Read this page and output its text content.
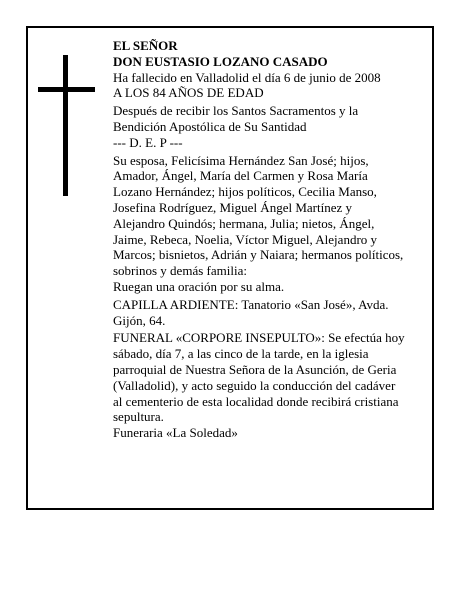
EL SEÑOR
DON EUSTASIO LOZANO CASADO
Ha fallecido en Valladolid el día 6 de junio de 2008
A LOS 84 AÑOS DE EDAD
Después de recibir los Santos Sacramentos y la
Bendición Apostólica de Su Santidad
--- D. E. P ---
Su esposa, Felicísima Hernández San José; hijos,
Amador, Ángel, María del Carmen y Rosa María
Lozano Hernández; hijos políticos, Cecilia Manso,
Josefina Rodríguez, Miguel Ángel Martínez y
Alejandro Quindós; hermana, Julia; nietos, Ángel,
Jaime, Rebeca, Noelia, Víctor Miguel, Alejandro y
Marcos; bisnietos, Adrián y Naiara; hermanos políticos,
sobrinos y demás familia:
Ruegan una oración por su alma.
CAPILLA ARDIENTE: Tanatorio «San José», Avda.
Gijón, 64.
FUNERAL «CORPORE INSEPULTO»: Se efectúa hoy
sábado, día 7, a las cinco de la tarde, en la iglesia
parroquial de Nuestra Señora de la Asunción, de Geria
(Valladolid), y acto seguido la conducción del cadáver
al cementerio de esta localidad donde recibirá cristiana
sepultura.
Funeraria «La Soledad»
